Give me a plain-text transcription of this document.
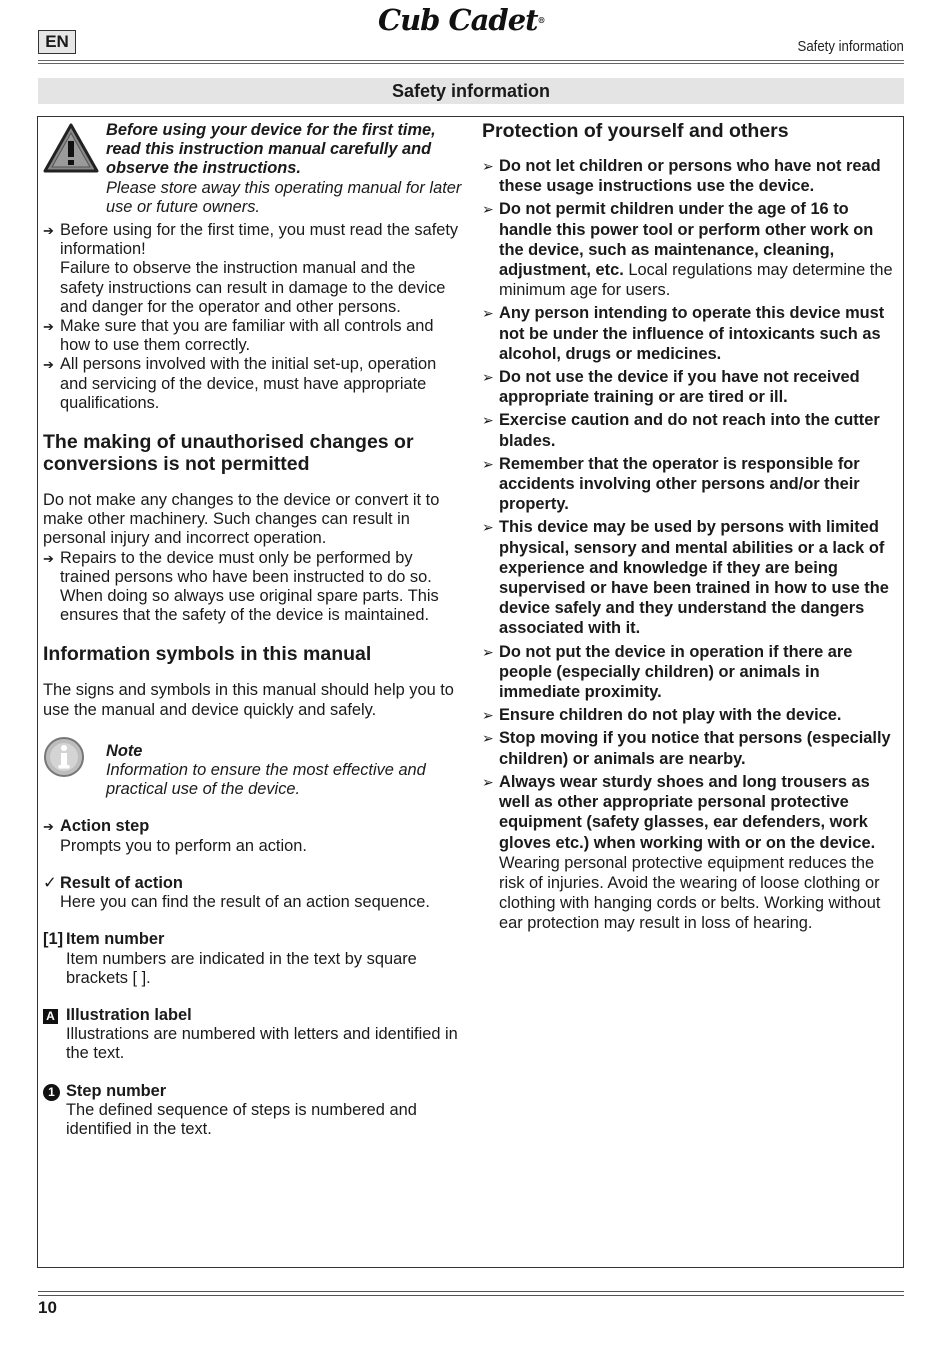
EN
Cub Cadet®
Safety information
Safety information

Before using your device for the first time, read this instruction manual carefully and observe the instructions.

Please store away this operating manual for later use or future owners.

➔ Before using for the first time, you must read the safety information!

Failure to observe the instruction manual and the safety instructions can result in damage to the device and danger for the operator and other persons.

➔ Make sure that you are familiar with all controls and how to use them correctly.

➔ All persons involved with the initial set-up, operation and servicing of the device, must have appropriate qualifications.

The making of unauthorised changes or conversions is not permitted

Do not make any changes to the device or convert it to make other machinery. Such changes can result in personal injury and incorrect operation.

➔ Repairs to the device must only be performed by trained persons who have been instructed to do so. When doing so always use original spare parts. This ensures that the safety of the device is maintained.

Information symbols in this manual

The signs and symbols in this manual should help you to use the manual and device quickly and safely.

Note

Information to ensure the most effective and practical use of the device.

➔ Action step

Prompts you to perform an action.

✓ Result of action

Here you can find the result of an action sequence.

[1] Item number

Item numbers are indicated in the text by square brackets [ ].

A Illustration label

Illustrations are numbered with letters and identified in the text.

1 Step number

The defined sequence of steps is numbered and identified in the text.

Protection of yourself and others
➢ Do not let children or persons who have not read these usage instructions use the device.
➢ Do not permit children under the age of 16 to handle this power tool or perform other work on the device, such as maintenance, cleaning, adjustment, etc. Local regulations may determine the minimum age for users.
➢ Any person intending to operate this device must not be under the influence of intoxicants such as alcohol, drugs or medicines.
➢ Do not use the device if you have not received appropriate training or are tired or ill.
➢ Exercise caution and do not reach into the cutter blades.
➢ Remember that the operator is responsible for accidents involving other persons and/or their property.
➢ This device may be used by persons with limited physical, sensory and mental abilities or a lack of experience and knowledge if they are being supervised or have been trained in how to use the device safely and they understand the dangers associated with it.
➢ Do not put the device in operation if there are people (especially children) or animals in immediate proximity.
➢ Ensure children do not play with the device.
➢ Stop moving if you notice that persons (especially children) or animals are nearby.
➢ Always wear sturdy shoes and long trousers as well as other appropriate personal protective equipment (safety glasses, ear defenders, work gloves etc.) when working with or on the device. Wearing personal protective equipment reduces the risk of injuries. Avoid the wearing of loose clothing or clothing with hanging cords or belts. Working without ear protection may result in loss of hearing.
10
